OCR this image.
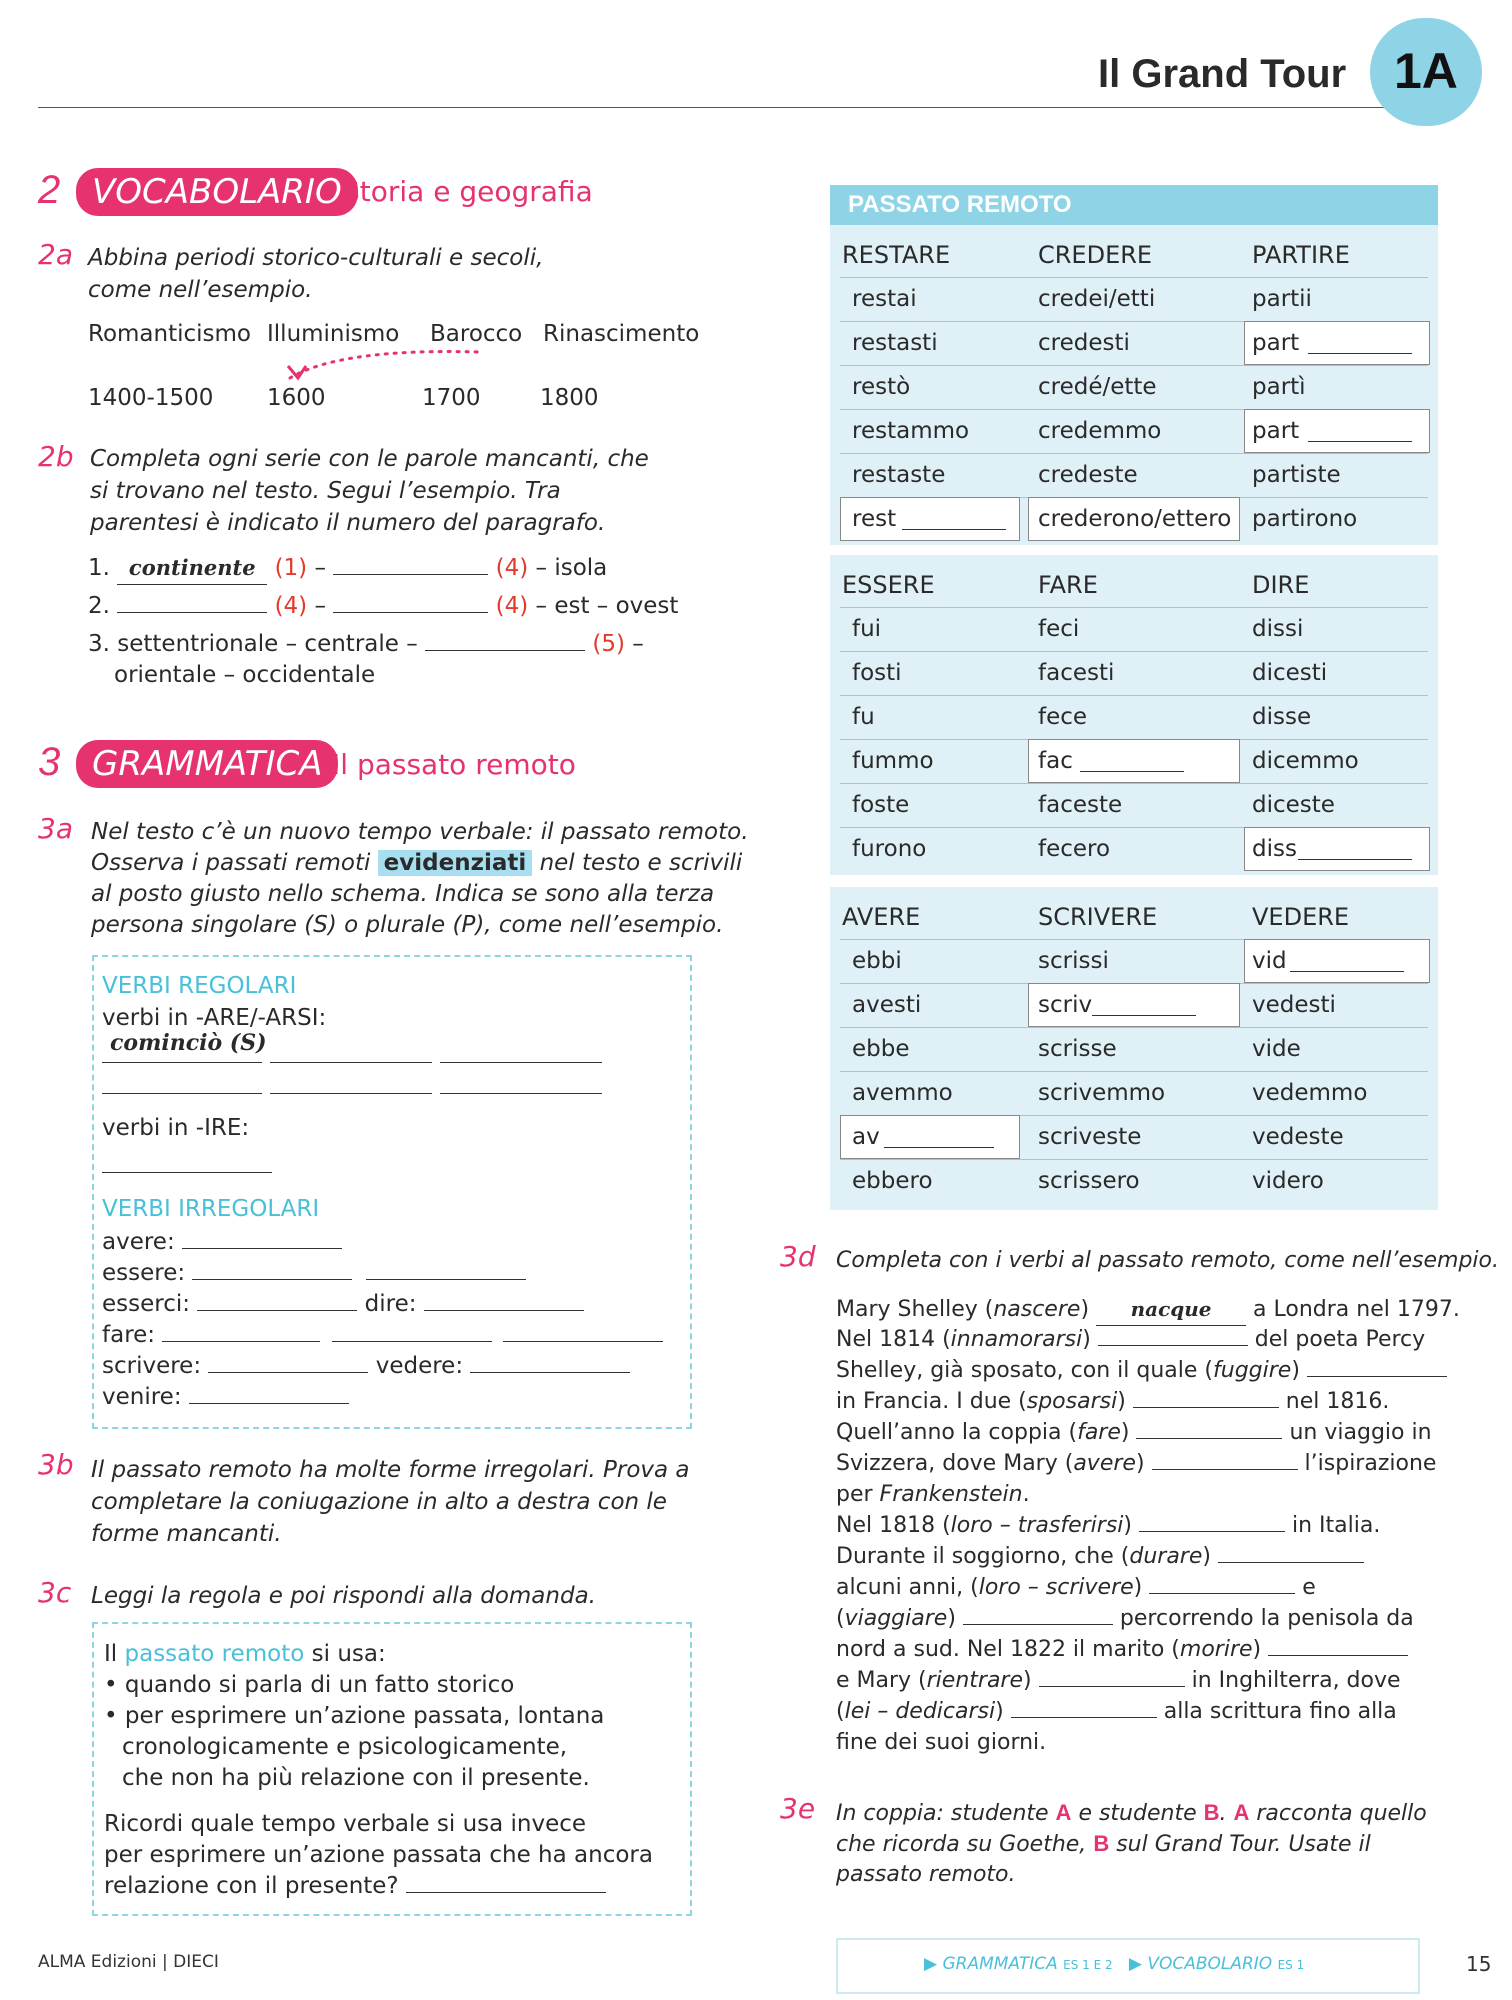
Il Grand Tour 1A
2 VOCABOLARIO Storia e geografia
2a Abbina periodi storico-culturali e secoli, come nell’esempio.
Romanticismo Illuminismo Barocco Rinascimento
1400-1500 1600	1700	1800
2b Completa ogni serie con le parole mancanti, che si trovano nel testo. Segui l’esempio. Tra parentesi è indicato il numero del paragrafo.
1. continente (1) –	(4) – isola
2.	(4) –	(4) – est – ovest
3. settentrionale – centrale –	(5) –
orientale – occidentale
3 GRAMMATICA Il passato remoto
3a Nel testo c’è un nuovo tempo verbale: il passato remoto.
Osserva i passati remoti evidenziati nel testo e scrivili
al posto giusto nello schema. Indica se sono alla terza
persona singolare (S) o plurale (P), come nell’esempio.
VERBI REGOLARI
verbi in -ARE/-ARSI:
cominciò (S)
verbi in -IRE:
VERBI IRREGOLARI
avere:
essere:
esserci:	dire:
fare:
scrivere:	vedere:
venire:
3b Il passato remoto ha molte forme irregolari. Prova a completare la coniugazione in alto a destra con le forme mancanti.
3c Leggi la regola e poi rispondi alla domanda.
Il passato remoto si usa:
• quando si parla di un fatto storico
• per esprimere un’azione passata, lontana
cronologicamente e psicologicamente,
che non ha più relazione con il presente.
Ricordi quale tempo verbale si usa invece
per esprimere un’azione passata che ha ancora
relazione con il presente?
PASSATO REMOTO
RESTARE	CREDERE	PARTIRE
restai	credei/etti	partii
restasti	credesti	part
restò	credé/ette	partì
restammo	credemmo	part
restaste	credeste	partiste
rest	crederono/ettero partirono
ESSERE	FARE	DIRE
fui	feci	dissi
fosti	facesti	dicesti
fu	fece	disse
fummo	fac	dicemmo
foste	faceste	diceste
furono	fecero	diss
AVERE	SCRIVERE	VEDERE
ebbi	scrissi	vid
avesti	scriv	vedesti
ebbe	scrisse	vide
avemmo	scrivemmo	vedemmo
av	scriveste	vedeste
ebbero	scrissero	videro
3d Completa con i verbi al passato remoto, come nell’esempio.
Mary Shelley (nascere) nacque a Londra nel 1797.
Nel 1814 (innamorarsi)	del poeta Percy
Shelley, già sposato, con il quale (fuggire)
in Francia. I due (sposarsi)	nel 1816.
Quell’anno la coppia (fare)	un viaggio in
Svizzera, dove Mary (avere)	l’ispirazione
per Frankenstein.
Nel 1818 (loro – trasferirsi)	in Italia.
Durante il soggiorno, che (durare)
alcuni anni, (loro – scrivere)	e
(viaggiare)	percorrendo la penisola da
nord a sud. Nel 1822 il marito (morire)
e Mary (rientrare)	in Inghilterra, dove
(lei – dedicarsi)	alla scrittura fino alla
fine dei suoi giorni.
3e In coppia: studente A e studente B. A racconta quello
che ricorda su Goethe, B sul Grand Tour. Usate il
passato remoto.
ALMA Edizioni | DIECI	▶ GRAMMATICA ES 1 E 2 ▶ VOCABOLARIO ES 1	15
